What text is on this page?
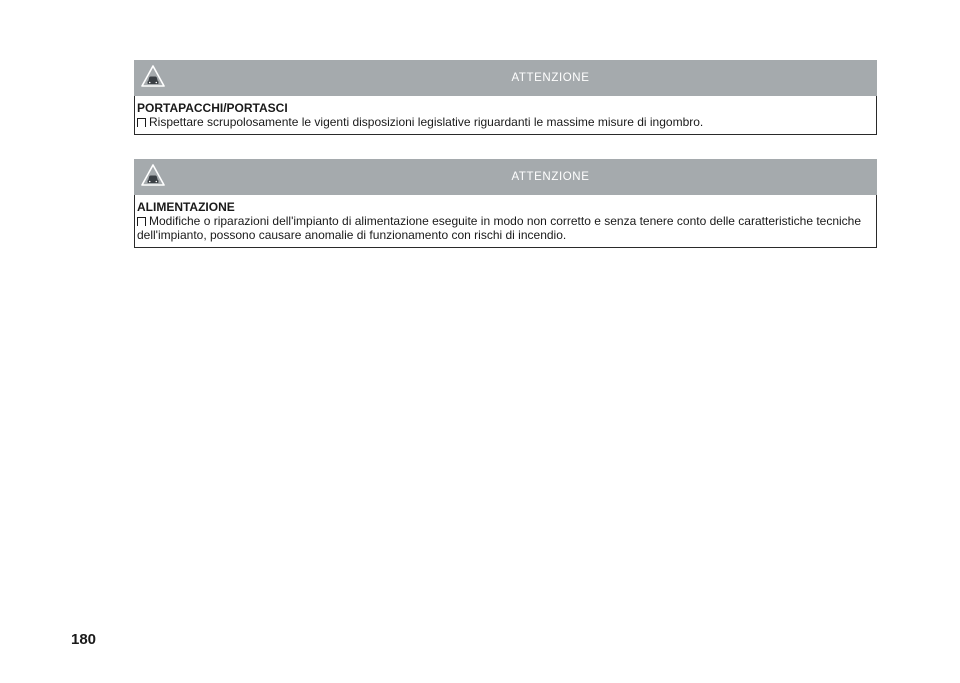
ATTENZIONE
PORTAPACCHI/PORTASCI
Rispettare scrupolosamente le vigenti disposizioni legislative riguardanti le massime misure di ingombro.
ATTENZIONE
ALIMENTAZIONE
Modifiche o riparazioni dell'impianto di alimentazione eseguite in modo non corretto e senza tenere conto delle caratteristiche tecniche dell'impianto, possono causare anomalie di funzionamento con rischi di incendio.
180
